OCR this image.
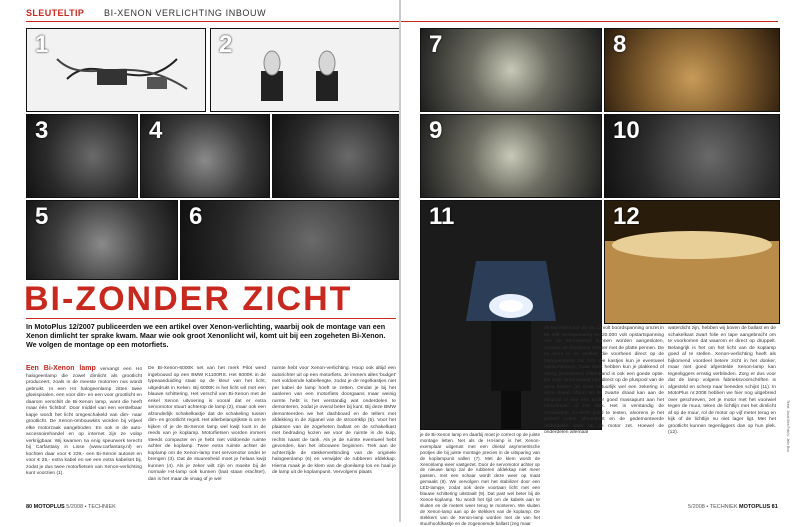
SLEUTELTIP BI-XENON VERLICHTING INBOUW
1	2
3	4
5	6
7	8
9	10
11	12
BI-ZONDER ZICHT
In MotoPlus 12/2007 publiceerden we een artikel over Xenon-verlichting, waarbij ook de montage van een Xenon dimlicht ter sprake kwam. Maar wie ook groot Xenonlicht wil, komt uit bij een zogeheten Bi-Xenon. We volgen de montage op een motorfiets.
Een Bi-Xenon lamp vervangt een H4 halogeenlamp die zowel dimlicht als grootlicht produceert, zoals in de meeste motorren nus wordt gebruikt. In een H4 halogeenlamp zitten twee gloeispiralen, een voor dim- en een voor grootlicht en daarom verschilt de Bi-Xenon lamp, want die heeft maar één 'lichtbol'. Door middel van een verstelbaar kapje wordt het licht omgeschakeld van dim- naar grootlicht. De Xenon-ombouwkits worden bij vrijwel elke motorzaak aangeboden. En ook in de auto-accessoirehandel en op internet zijn ze volop verkrijgbaar. Wij kwamen na enig speurwerk terecht bij Carfantasy in Lisse (www.carfantasy.nl) en kochten daar voor € 229,- een Bi-Xenon autoset en voor € 25,- extra kabel en we een extra kabelset bij, zodat je dus twee motorfietsen van Xenon-verlichting kunt voorzien (1).
De Bi-Xenon-6000K set van het merk Pilot werd ingebouwd op een BMW K1100RS. Het 6000K in de typeaanduiding staat op de kleur van het licht, uitgedrukt in Kelvin. Bij 6000K is het licht wit met een blauwe schittering. Het verschil van Bi-Xenon met de enkel Xenon uitvoering is vooral dat er extra servomotor stuurt achterop de lamp (2), maar ook een afzonderlijk schakelkastje dat de schakeling tussen dim- en grootlicht regelt. Het allerbelangrijkste is om te kijken of je de Bi-Xenon lamp wel kwijt kunt in de reeds van je koplamp. Motorfietsen worden immers steeds compacter en je hebt niet voldoende ruimte achter de koplamp. Twee extra ruimte achter de koplamp om de Xenon-lamp met servomotor onder te brengen (3). Dat de stuurenheid moet je helaas kwijt kunnen (4). Als je zeker wilt zijn en moeite bij de normale H4-lamp ook kunnen (laat staan erachter), dan is het maar de vraag of je wel
ruimte hebt voor Xenon-verlichting. Hoop ook altijd een autorichter uit op een motorfiets. Je immers alles 'budget' met voldoende kabellengte, zodat je de regelkastjes niet per kabel de lamp hoeft te zetten. Omdat je bij het aanleren van een motorfiets doorgaans maar weinig ruimte hebt is het verstandig wat onderdelen te demonteren, zodat je overal beter bij kunt. Bij deze BMW demonteerden we het dashboard en de tellers met afdekking in de zijpanel van de stroomklip (5). Voor het plaatsen van de zogeheten ballast en de schakelkast met bedrading kozen we voor de ruimte in de kuip, rechts naast de tank. Als je de ruimte eventueel hebt gevonden, kan het inbouwen beginnen. Trek aan de achterzijde de stekkerverbinding van de originele halogeenlamp (6) en verwijder de rubberen afdekkap. Hierna maak je de klem van de gloeilamp los en haal je de lamp uit de koplampunit. Vervolgens plaats
je de Bi-Xenon lamp en daarbij moet je correct op de juiste montage letten. Net als de H4-lamp is het Xenon-exemplaar uitgerust met een drietal asymmetrische pootjes die bij juiste montage precies in de uitsparing van de koplampunit vallen (7). Met de klem wordt de Xenonlamp weer vastgezet. Door de servomotor achter op de nieuwe lamp zal de rubberen afdekkap niet meer passen, met een schaar wordt deze weer op maat gemaakt (8). We vervolgen met het stabilizer door een LED-lampje, zodat ook deze voortaan licht met een blauwe schittering uitstraalt (9). Dat past wel beter bij de Xenon-koplamp. Nu wordt het tijd om de kabels aan te sluiten en de meters weer terug te monteren. We sluiten de Xenon-lamp aan op de stekkers van de koplamp. De stekkers van de Xenon-lamp worden met de van het stuurhoofdkastje en de zogenoemde ballast (zeg maar
de transformator die de 12 volt boordspanning omzet in 85 volt werkspanning en 20.000 volt opstartspanning van de Xenonlamp) kunnen worden aangesloten, evenals de draagloze stekker met de platte pennen. De ze komt in de stekker die voorheen direct op de halogeenlamp zat (10). De kastjes kun je eventueel vastschroeven, maar sterk hebben kun je plakkend of stevig (industrieel) klittenband is ook een goede optie. De rode stroomdraad kan direct op de pluspool van de accu komen (er moet natuurlijk wel een zekering in deze draad zitten) en de zwarte draad kan aan de minpool of aan een ander goed massapunt aan het motorframe of het blok. Het is verstandig de Xenonlamp nu eerst goed te testen, alvorens je het geheel netjes afmonteert en de gedemonteerde onderdelen weer op de motor zet. Hoewel de onderdelen allemaal
waterdicht zijn, hebben wij boven de ballast en de schakelkast zwart folie en tape aangebracht om te voorkomen dat waarom er direct op druppelt. Belangrijk is het om het licht van de koplamp goed af te stellen. Xenon-verlichting heeft als bijkomend voordeel betere zicht in het donker, maar niet goed afgestelde Xenon-lamp kan tegenliggers ernstig verblinden. Zorg er dus voor dat de lamp volgens fabrieksvoorschriften is afgesteld en scherp naar beneden schijnt (11). In MotoPlus nr.2008 hebben we hier nog uitgebreid over geschreven, zet je motor met het voorwiel tegen de muur, teken de lichtlijn met het dimlicht af op de muur, rol de motor op vijf meter terug en kijk of de lichtlijn nu niet lager ligt. Met het grootlicht kunnen tegenliggers dan op hun plek. (12).	Tekst: Joost Bos Foto's: Jelle Bos
80 MOTOPLUS 5/2008 • TECHNIEK	5/2008 • TECHNIEK MOTOPLUS 81
